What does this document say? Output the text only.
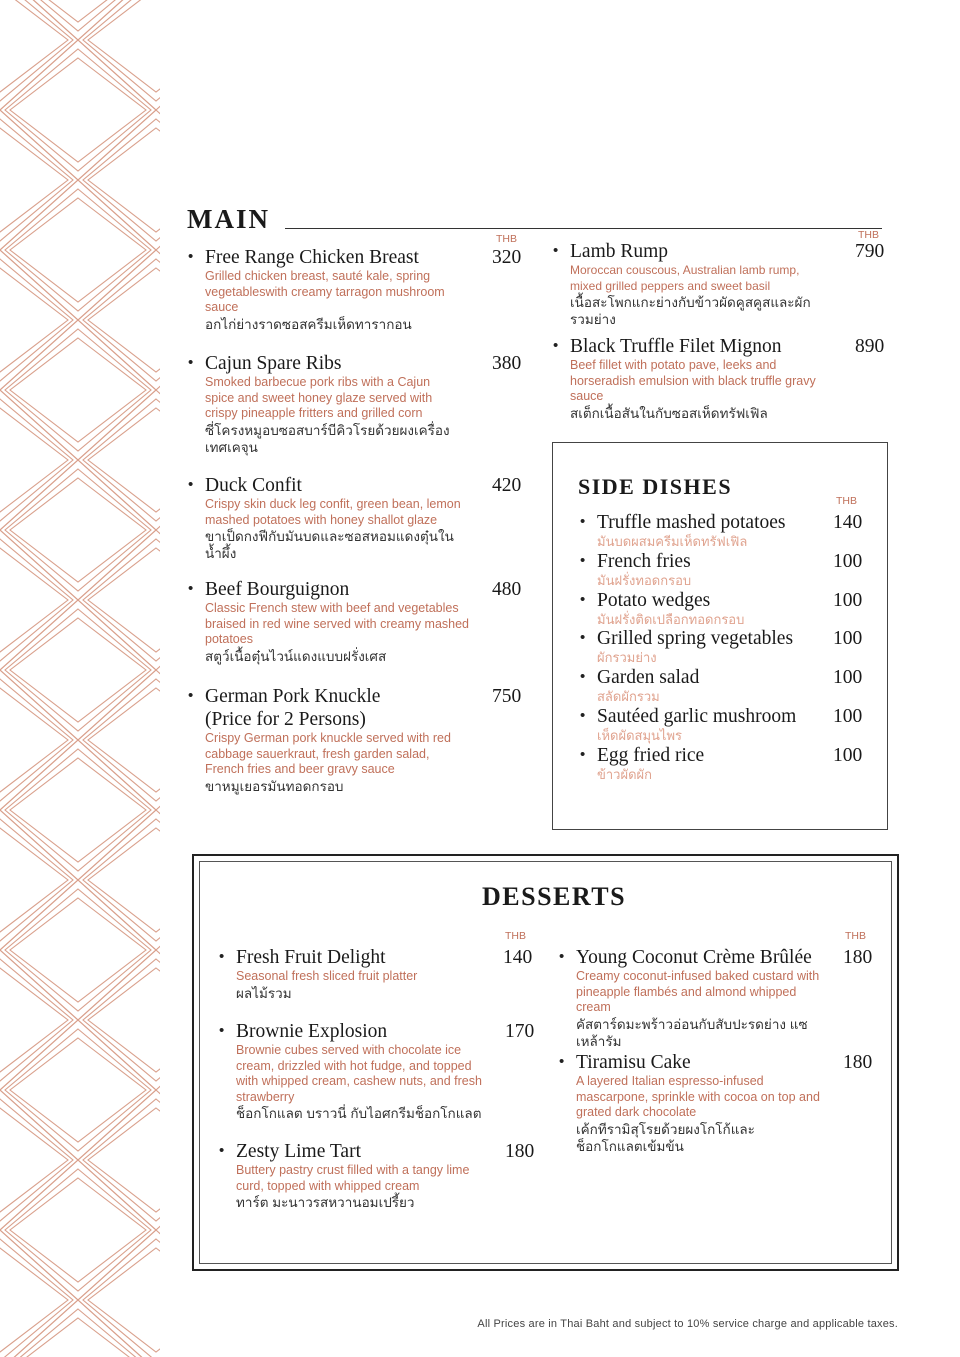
MAIN
THB	THB
• Free Range Chicken Breast
Grilled chicken breast, sauté kale, spring vegetableswith creamy tarragon mushroom sauce
อกไก่ย่างราดซอสครีมเห็ดทารากอน
320
• Cajun Spare Ribs
Smoked barbecue pork ribs with a Cajun spice and sweet honey glaze served with crispy pineapple fritters and grilled corn
ซี่โครงหมูอบซอสบาร์บีคิวโรยด้วยผงเครื่องเทศเคจุน
380
• Duck Confit
Crispy skin duck leg confit, green bean, lemon mashed potatoes with honey shallot glaze
ขาเป็ดกงฟีกับมันบดและซอสหอมแดงตุ๋นในน้ำผึ้ง
420
• Beef Bourguignon
Classic French stew with beef and vegetables braised in red wine served with creamy mashed potatoes
สตูว์เนื้อตุ๋นไวน์แดงแบบฝรั่งเศส
480
• German Pork Knuckle
(Price for 2 Persons)
Crispy German pork knuckle served with red cabbage sauerkraut, fresh garden salad, French fries and beer gravy sauce
ขาหมูเยอรมันทอดกรอบ
750
• Lamb Rump
Moroccan couscous, Australian lamb rump, mixed grilled peppers and sweet basil
เนื้อสะโพกแกะย่างกับข้าวผัดคูสคูสและผักรวมย่าง
790
• Black Truffle Filet Mignon
Beef fillet with potato pave, leeks and horseradish emulsion with black truffle gravy sauce
สเต็กเนื้อสันในกับซอสเห็ดทรัฟเฟิล
890
SIDE DISHES
THB
• Truffle mashed potatoes
มันบดผสมครีมเห็ดทรัฟเฟิล
140
• French fries
มันฝรั่งทอดกรอบ
100
• Potato wedges
มันฝรั่งติดเปลือกทอดกรอบ
100
• Grilled spring vegetables
ผักรวมย่าง
100
• Garden salad
สลัดผักรวม
100
• Sautéed garlic mushroom
เห็ดผัดสมุนไพร
100
• Egg fried rice
ข้าวผัดผัก
100
DESSERTS
THB	THB
• Fresh Fruit Delight
Seasonal fresh sliced fruit platter
ผลไม้รวม
140
• Brownie Explosion
Brownie cubes served with chocolate ice cream, drizzled with hot fudge, and topped with whipped cream, cashew nuts, and fresh strawberry
ช็อกโกแลต บราวนี่ กับไอศกรีมช็อกโกแลต
170
• Zesty Lime Tart
Buttery pastry crust filled with a tangy lime curd, topped with whipped cream
ทาร์ต มะนาวรสหวานอมเปรี้ยว
180
• Young Coconut Crème Brûlée
Creamy coconut-infused baked custard with pineapple flambés and almond whipped cream
คัสตาร์ดมะพร้าวอ่อนกับสับปะรดย่าง แซเหล้ารัม
180
• Tiramisu Cake
A layered Italian espresso-infused mascarpone, sprinkle with cocoa on top and grated dark chocolate
เค้กทีรามิสุโรยด้วยผงโกโก้และ ช็อกโกแลตเข้มข้น
180
All Prices are in Thai Baht and subject to 10% service charge and applicable taxes.
